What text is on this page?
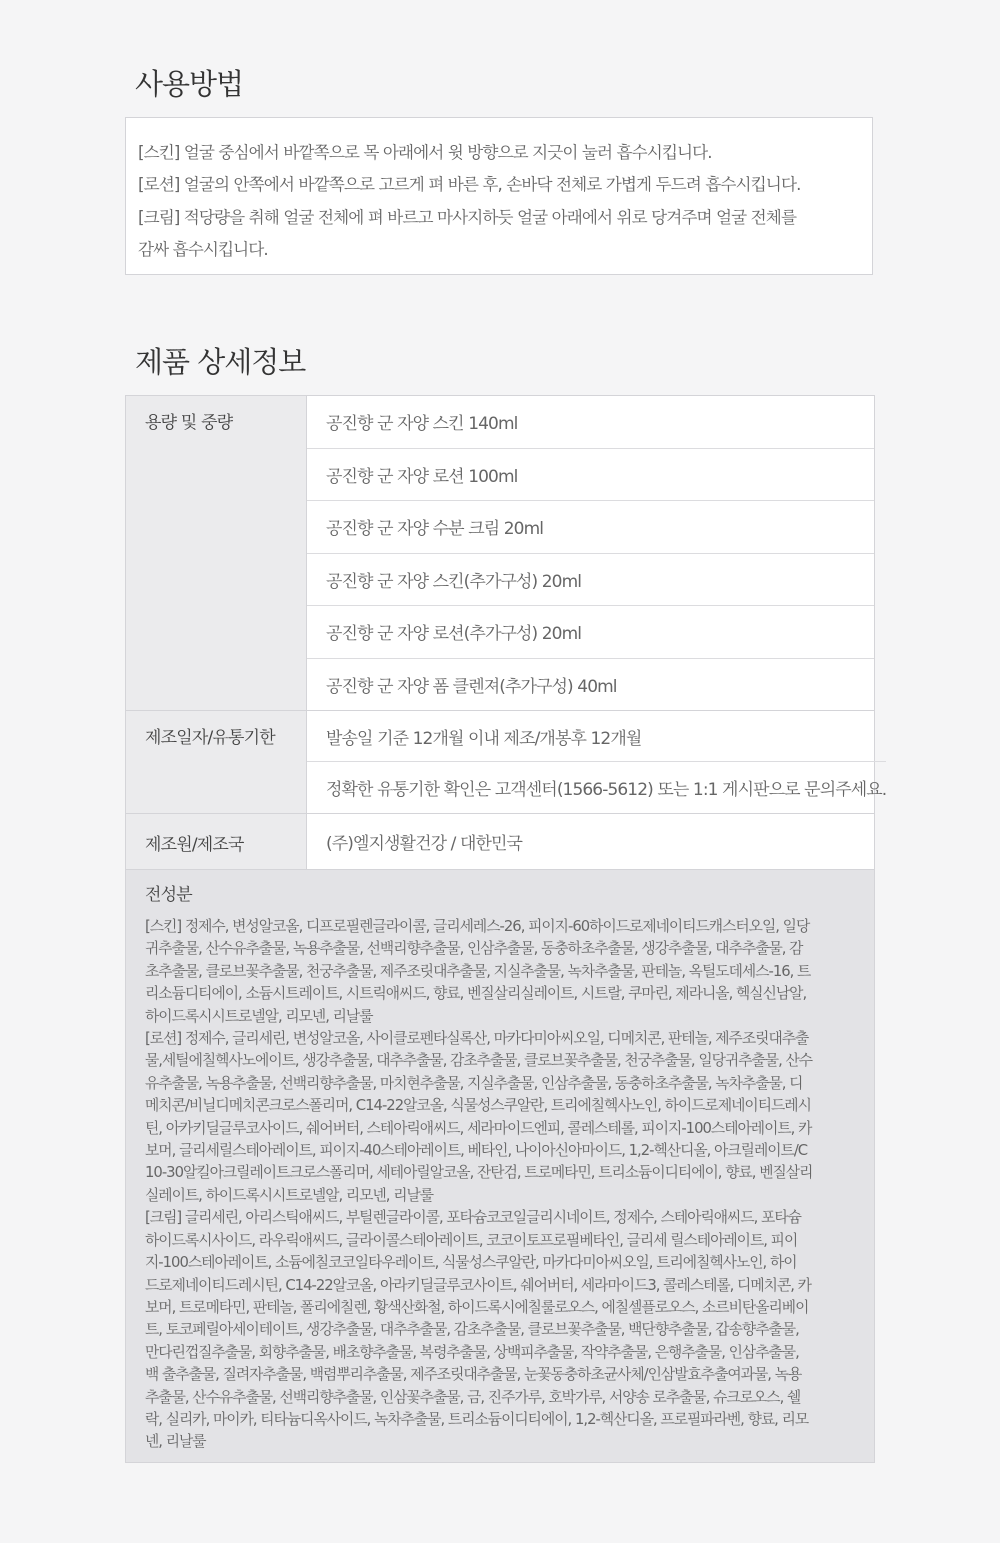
사용방법

[스킨] 얼굴 중심에서 바깥쪽으로 목 아래에서 윗 방향으로 지긋이 눌러 흡수시킵니다.

[로션] 얼굴의 안쪽에서 바깥쪽으로 고르게 펴 바른 후, 손바닥 전체로 가볍게 두드려 흡수시킵니다.

[크림] 적당량을 취해 얼굴 전체에 펴 바르고 마사지하듯 얼굴 아래에서 위로 당겨주며 얼굴 전체를

감싸 흡수시킵니다.

제품 상세정보
용량 및 중량	공진향 군 자양 스킨 140ml
공진향 군 자양 로션 100ml
공진향 군 자양 수분 크림 20ml
공진향 군 자양 스킨(추가구성) 20ml
공진향 군 자양 로션(추가구성) 20ml
공진향 군 자양 폼 클렌져(추가구성) 40ml
제조일자/유통기한	발송일 기준 12개월 이내 제조/개봉후 12개월
정확한 유통기한 확인은 고객센터(1566-5612) 또는 1:1 게시판으로 문의주세요.
제조원/제조국	(주)엘지생활건강 / 대한민국
전성분
[스킨] 정제수, 변성알코올, 디프로필렌글라이콜, 글리세레스-26, 피이지-60하이드로제네이티드캐스터오일, 일당
귀추출물, 산수유추출물, 녹용추출물, 선백리향추출물, 인삼추출물, 동충하초추출물, 생강추출물, 대추추출물, 감
초추출물, 클로브꽃추출물, 천궁추출물, 제주조릿대추출물, 지실추출물, 녹차추출물, 판테놀, 옥틸도데세스-16, 트
리소듐디티에이, 소듐시트레이트, 시트릭애씨드, 향료, 벤질살리실레이트, 시트랄, 쿠마린, 제라니올, 헥실신남알,
하이드록시시트로넬알, 리모넨, 리날룰
[로션] 정제수, 글리세린, 변성알코올, 사이클로펜타실록산, 마카다미아씨오일, 디메치콘, 판테놀, 제주조릿대추출
물,세틸에칠헥사노에이트, 생강추출물, 대추추출물, 감초추출물, 클로브꽃추출물, 천궁추출물, 일당귀추출물, 산수
유추출물, 녹용추출물, 선백리향추출물, 마치현추출물, 지실추출물, 인삼추출물, 동충하초추출물, 녹차추출물, 디
메치콘/비닐디메치콘크로스폴리머, C14-22알코올, 식물성스쿠알란, 트리에칠헥사노인, 하이드로제네이티드레시
틴, 아카키딜글루코사이드, 쉐어버터, 스테아릭애씨드, 세라마이드엔피, 콜레스테롤, 피이지-100스테아레이트, 카
보머, 글리세릴스테아레이트, 피이지-40스테아레이트, 베타인, 나이아신아마이드, 1,2-헥산디올, 아크릴레이트/C
10-30알킬아크릴레이트크로스폴리머, 세테아릴알코올, 잔탄검, 트로메타민, 트리소듐이디티에이, 향료, 벤질살리
실레이트, 하이드록시시트로넬알, 리모넨, 리날룰
[크림] 글리세린, 아리스틱애씨드, 부틸렌글라이콜, 포타슘코코일글리시네이트, 정제수, 스테아릭애씨드, 포타슘
하이드록시사이드, 라우릭애씨드, 글라이콜스테아레이트, 코코이토프로필베타인, 글리세 릴스테아레이트, 피이
지-100스테아레이트, 소듐에칠코코일타우레이트, 식물성스쿠알란, 마카다미아씨오일, 트리에칠헥사노인, 하이
드로제네이티드레시틴, C14-22알코올, 아라키딜글루코사이트, 쉐어버터, 세라마이드3, 콜레스테롤, 디메치콘, 카
보머, 트로메타민, 판테놀, 폴리에칠렌, 황색산화철, 하이드록시에칠룰로오스, 에칠셀플로오스, 소르비탄올리베이
트, 토코페릴아세이테이트, 생강추출물, 대추추출물, 감초추출물, 클로브꽃추출물, 백단향추출물, 갑송향추출물,
만다린껍질추출물, 회향추출물, 배초향추출물, 복령추출물, 상백피추출물, 작약추출물, 은행추출물, 인삼추출물,
백 출추출물, 질려자추출물, 백렴뿌리추출물, 제주조릿대추출물, 눈꽃동충하초균사체/인삼발효추출여과물, 녹용
추출물, 산수유추출물, 선백리향추출물, 인삼꽃추출물, 금, 진주가루, 호박가루, 서양송 로추출물, 슈크로오스, 쉘
락, 실리카, 마이카, 티타늄디옥사이드, 녹차추출물, 트리소듐이디티에이, 1,2-헥산디올, 프로필파라벤, 향료, 리모
넨, 리날룰
